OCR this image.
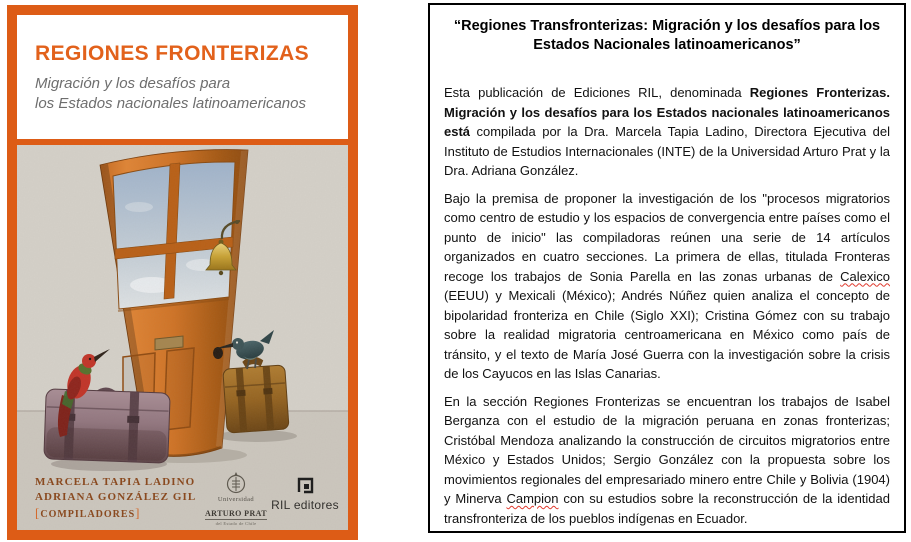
REGIONES FRONTERIZAS
Migración y los desafíos para
los Estados nacionales latinoamericanos
MARCELA TAPIA LADINO
ADRIANA GONZÁLEZ GIL
[COMPILADORES]
Universidad
ARTURO PRAT
del Estado de Chile
RIL editores
“Regiones Transfronterizas: Migración y los desafíos para los Estados Nacionales latinoamericanos”

Esta publicación de Ediciones RIL, denominada Regiones Fronterizas. Migración y los desafíos para los Estados nacionales latinoamericanos está compilada por la Dra. Marcela Tapia Ladino, Directora Ejecutiva del Instituto de Estudios Internacionales (INTE) de la Universidad Arturo Prat y la Dra. Adriana González.

Bajo la premisa de proponer la investigación de los "procesos migratorios como centro de estudio y los espacios de convergencia entre países como el punto de inicio" las compiladoras reúnen una serie de 14 artículos organizados en cuatro secciones. La primera de ellas, titulada Fronteras recoge los trabajos de Sonia Parella en las zonas urbanas de Calexico (EEUU) y Mexicali (México); Andrés Núñez quien analiza el concepto de bipolaridad fronteriza en Chile (Siglo XXI); Cristina Gómez con su trabajo sobre la realidad migratoria centroamericana en México como país de tránsito, y el texto de María José Guerra con la investigación sobre la crisis de los Cayucos en las Islas Canarias.

En la sección Regiones Fronterizas se encuentran los trabajos de Isabel Berganza con el estudio de la migración peruana en zonas fronterizas; Cristóbal Mendoza analizando la construcción de circuitos migratorios entre México y Estados Unidos; Sergio González con la propuesta sobre los movimientos regionales del empresariado minero entre Chile y Bolivia (1904) y Minerva Campion con su estudios sobre la reconstrucción de la identidad transfronteriza de los pueblos indígenas en Ecuador.
